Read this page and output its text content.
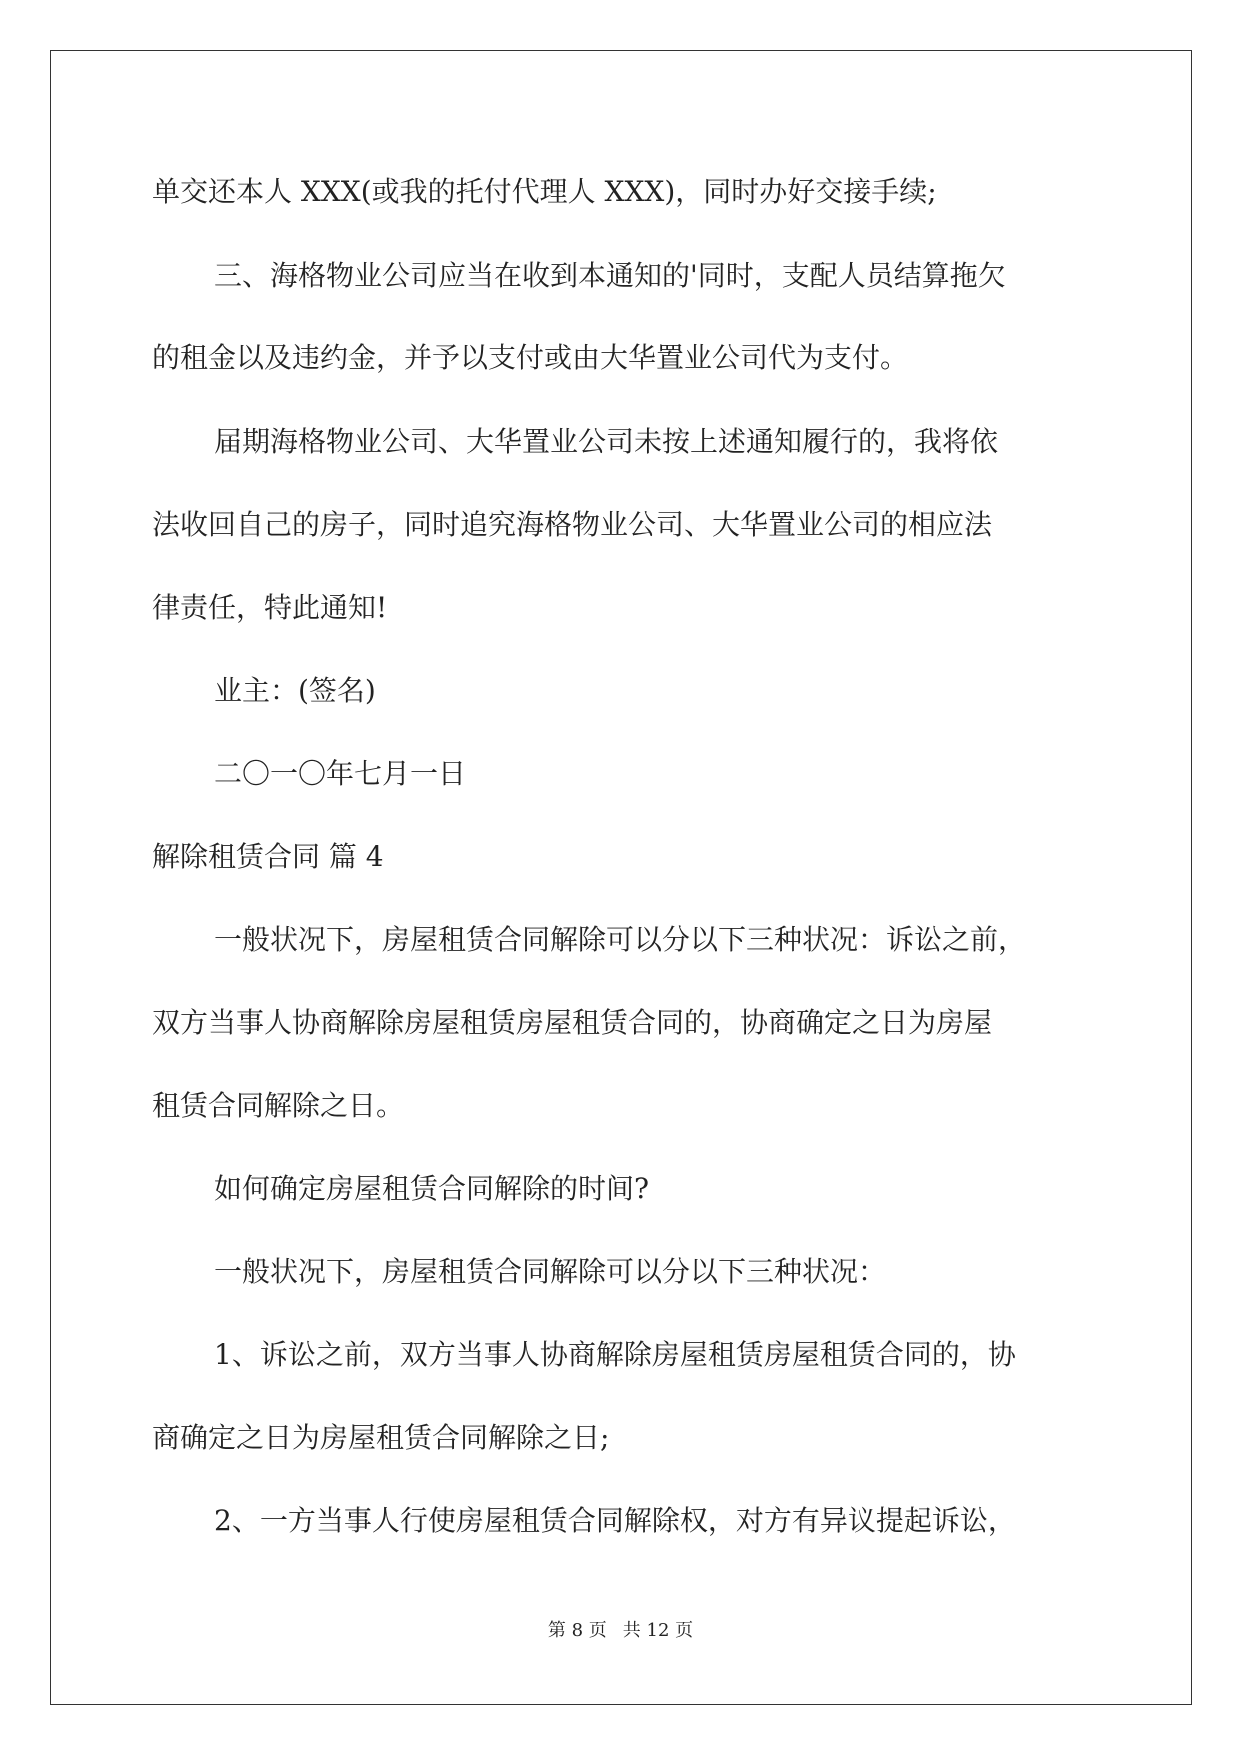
单交还本人 XXX(或我的托付代理人 XXX)，同时办好交接手续;

三、海格物业公司应当在收到本通知的'同时，支配人员结算拖欠

的租金以及违约金，并予以支付或由大华置业公司代为支付。

届期海格物业公司、大华置业公司未按上述通知履行的，我将依

法收回自己的房子，同时追究海格物业公司、大华置业公司的相应法

律责任，特此通知!

业主：(签名)

二〇一〇年七月一日

解除租赁合同 篇 4

一般状况下，房屋租赁合同解除可以分以下三种状况：诉讼之前，

双方当事人协商解除房屋租赁房屋租赁合同的，协商确定之日为房屋

租赁合同解除之日。

如何确定房屋租赁合同解除的时间?

一般状况下，房屋租赁合同解除可以分以下三种状况：

1、诉讼之前，双方当事人协商解除房屋租赁房屋租赁合同的，协

商确定之日为房屋租赁合同解除之日;

2、一方当事人行使房屋租赁合同解除权，对方有异议提起诉讼，

第 8 页 共 12 页
